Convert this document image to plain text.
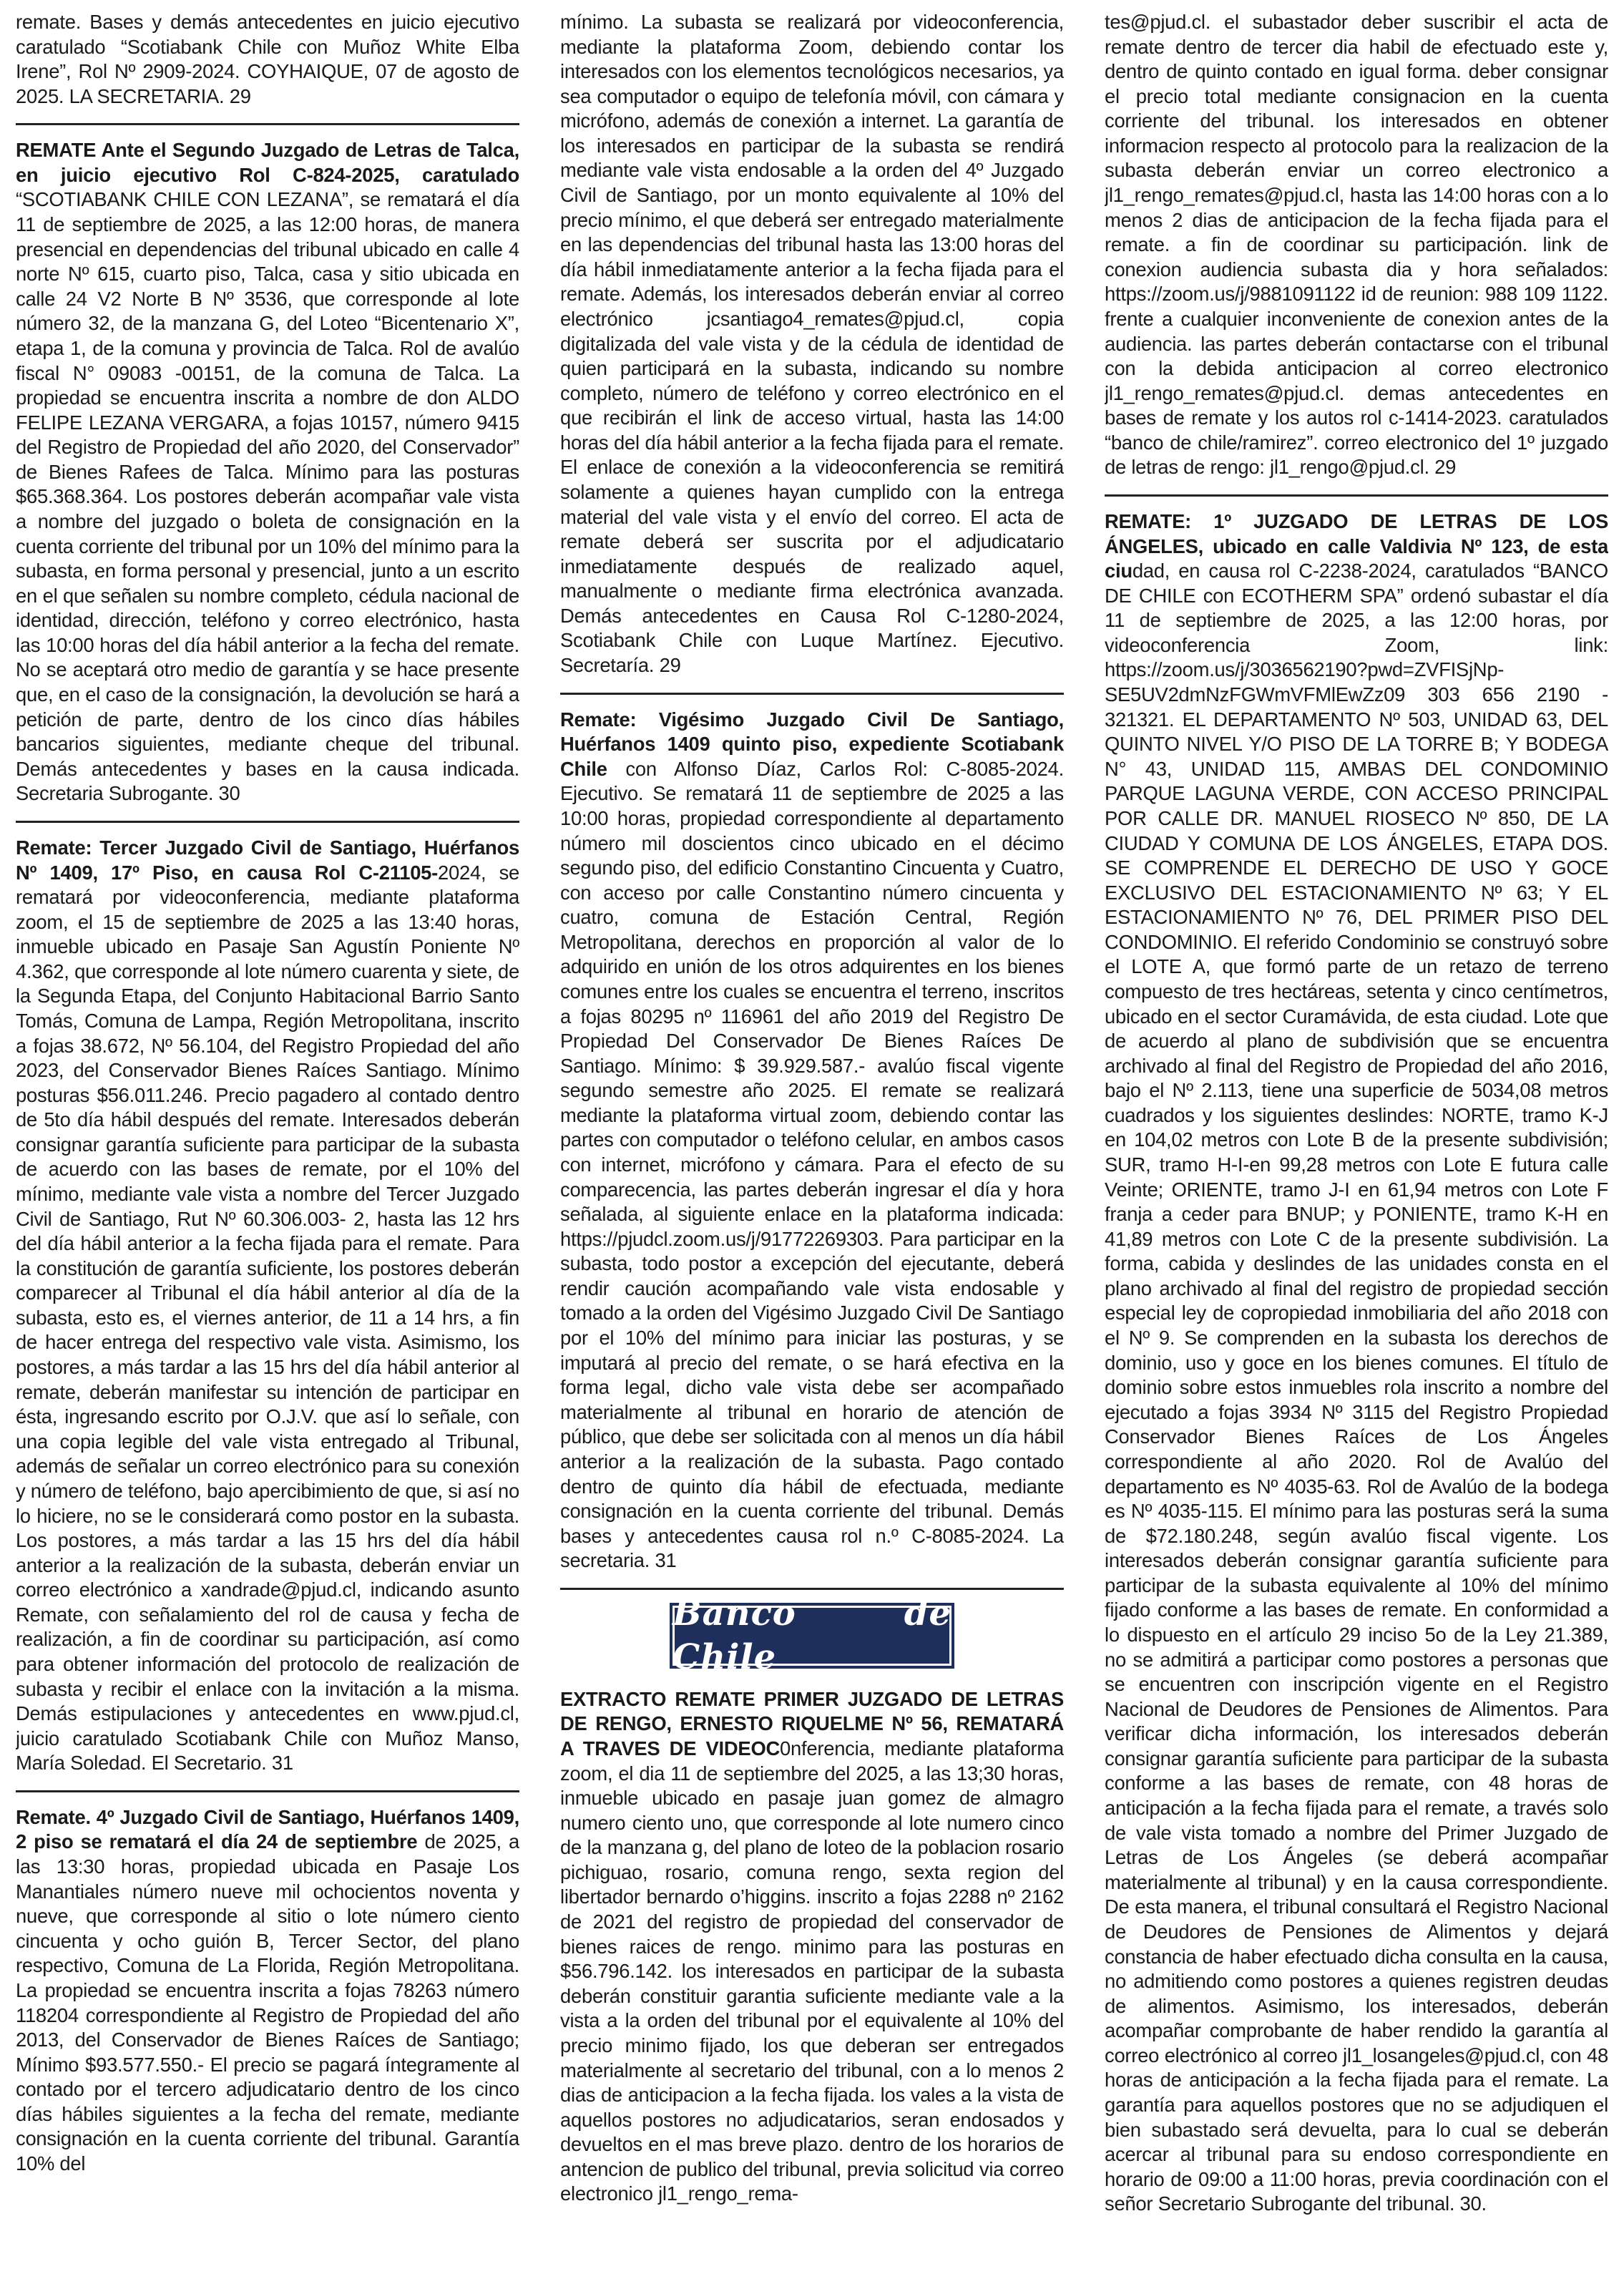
remate. Bases y demás antecedentes en juicio ejecutivo caratulado “Scotiabank Chile con Muñoz White Elba Irene”, Rol Nº 2909-2024. COYHAIQUE, 07 de agosto de 2025. LA SECRETARIA. 29

REMATE Ante el Segundo Juzgado de Letras de Talca, en juicio ejecutivo Rol C-824-2025, caratulado “SCOTIABANK CHILE CON LEZANA”, se rematará el día 11 de septiembre de 2025, a las 12:00 horas, de manera presencial en dependencias del tribunal ubicado en calle 4 norte Nº 615, cuarto piso, Talca, casa y sitio ubicada en calle 24 V2 Norte B Nº 3536, que corresponde al lote número 32, de la manzana G, del Loteo “Bicentenario X”, etapa 1, de la comuna y provincia de Talca. Rol de avalúo fiscal N° 09083 -00151, de la comuna de Talca. La propiedad se encuentra inscrita a nombre de don ALDO FELIPE LEZANA VERGARA, a fojas 10157, número 9415 del Registro de Propiedad del año 2020, del Conservador” de Bienes Rafees de Talca. Mínimo para las posturas $65.368.364. Los postores deberán acompañar vale vista a nombre del juzgado o boleta de consignación en la cuenta corriente del tribunal por un 10% del mínimo para la subasta, en forma personal y presencial, junto a un escrito en el que señalen su nombre completo, cédula nacional de identidad, dirección, teléfono y correo electrónico, hasta las 10:00 horas del día hábil anterior a la fecha del remate. No se aceptará otro medio de garantía y se hace presente que, en el caso de la consignación, la devolución se hará a petición de parte, dentro de los cinco días hábiles bancarios siguientes, mediante cheque del tribunal. Demás antecedentes y bases en la causa indicada. Secretaria Subrogante. 30

Remate: Tercer Juzgado Civil de Santiago, Huérfanos Nº 1409, 17º Piso, en causa Rol C-21105-2024, se rematará por videoconferencia, mediante plataforma zoom, el 15 de septiembre de 2025 a las 13:40 horas, inmueble ubicado en Pasaje San Agustín Poniente Nº 4.362, que corresponde al lote número cuarenta y siete, de la Segunda Etapa, del Conjunto Habitacional Barrio Santo Tomás, Comuna de Lampa, Región Metropolitana, inscrito a fojas 38.672, Nº 56.104, del Registro Propiedad del año 2023, del Conservador Bienes Raíces Santiago. Mínimo posturas $56.011.246. Precio pagadero al contado dentro de 5to día hábil después del remate. Interesados deberán consignar garantía suficiente para participar de la subasta de acuerdo con las bases de remate, por el 10% del mínimo, mediante vale vista a nombre del Tercer Juzgado Civil de Santiago, Rut Nº 60.306.003- 2, hasta las 12 hrs del día hábil anterior a la fecha fijada para el remate. Para la constitución de garantía suficiente, los postores deberán comparecer al Tribunal el día hábil anterior al día de la subasta, esto es, el viernes anterior, de 11 a 14 hrs, a fin de hacer entrega del respectivo vale vista. Asimismo, los postores, a más tardar a las 15 hrs del día hábil anterior al remate, deberán manifestar su intención de participar en ésta, ingresando escrito por O.J.V. que así lo señale, con una copia legible del vale vista entregado al Tribunal, además de señalar un correo electrónico para su conexión y número de teléfono, bajo apercibimiento de que, si así no lo hiciere, no se le considerará como postor en la subasta. Los postores, a más tardar a las 15 hrs del día hábil anterior a la realización de la subasta, deberán enviar un correo electrónico a xandrade@pjud.cl, indicando asunto Remate, con señalamiento del rol de causa y fecha de realización, a fin de coordinar su participación, así como para obtener información del protocolo de realización de subasta y recibir el enlace con la invitación a la misma. Demás estipulaciones y antecedentes en www.pjud.cl, juicio caratulado Scotiabank Chile con Muñoz Manso, María Soledad. El Secretario. 31

Remate. 4º Juzgado Civil de Santiago, Huérfanos 1409, 2 piso se rematará el día 24 de septiembre de 2025, a las 13:30 horas, propiedad ubicada en Pasaje Los Manantiales número nueve mil ochocientos noventa y nueve, que corresponde al sitio o lote número ciento cincuenta y ocho guión B, Tercer Sector, del plano respectivo, Comuna de La Florida, Región Metropolitana. La propiedad se encuentra inscrita a fojas 78263 número 118204 correspondiente al Registro de Propiedad del año 2013, del Conservador de Bienes Raíces de Santiago; Mínimo $93.577.550.- El precio se pagará íntegramente al contado por el tercero adjudicatario dentro de los cinco días hábiles siguientes a la fecha del remate, mediante consignación en la cuenta corriente del tribunal. Garantía 10% del

mínimo. La subasta se realizará por videoconferencia, mediante la plataforma Zoom, debiendo contar los interesados con los elementos tecnológicos necesarios, ya sea computador o equipo de telefonía móvil, con cámara y micrófono, además de conexión a internet. La garantía de los interesados en participar de la subasta se rendirá mediante vale vista endosable a la orden del 4º Juzgado Civil de Santiago, por un monto equivalente al 10% del precio mínimo, el que deberá ser entregado materialmente en las dependencias del tribunal hasta las 13:00 horas del día hábil inmediatamente anterior a la fecha fijada para el remate. Además, los interesados deberán enviar al correo electrónico jcsantiago4_remates@pjud.cl, copia digitalizada del vale vista y de la cédula de identidad de quien participará en la subasta, indicando su nombre completo, número de teléfono y correo electrónico en el que recibirán el link de acceso virtual, hasta las 14:00 horas del día hábil anterior a la fecha fijada para el remate. El enlace de conexión a la videoconferencia se remitirá solamente a quienes hayan cumplido con la entrega material del vale vista y el envío del correo. El acta de remate deberá ser suscrita por el adjudicatario inmediatamente después de realizado aquel, manualmente o mediante firma electrónica avanzada. Demás antecedentes en Causa Rol C-1280-2024, Scotiabank Chile con Luque Martínez. Ejecutivo. Secretaría. 29

Remate: Vigésimo Juzgado Civil De Santiago, Huérfanos 1409 quinto piso, expediente Scotiabank Chile con Alfonso Díaz, Carlos Rol: C-8085-2024. Ejecutivo. Se rematará 11 de septiembre de 2025 a las 10:00 horas, propiedad correspondiente al departamento número mil doscientos cinco ubicado en el décimo segundo piso, del edificio Constantino Cincuenta y Cuatro, con acceso por calle Constantino número cincuenta y cuatro, comuna de Estación Central, Región Metropolitana, derechos en proporción al valor de lo adquirido en unión de los otros adquirentes en los bienes comunes entre los cuales se encuentra el terreno, inscritos a fojas 80295 nº 116961 del año 2019 del Registro De Propiedad Del Conservador De Bienes Raíces De Santiago. Mínimo: $ 39.929.587.- avalúo fiscal vigente segundo semestre año 2025. El remate se realizará mediante la plataforma virtual zoom, debiendo contar las partes con computador o teléfono celular, en ambos casos con internet, micrófono y cámara. Para el efecto de su comparecencia, las partes deberán ingresar el día y hora señalada, al siguiente enlace en la plataforma indicada: https://pjudcl.zoom.us/j/91772269303. Para participar en la subasta, todo postor a excepción del ejecutante, deberá rendir caución acompañando vale vista endosable y tomado a la orden del Vigésimo Juzgado Civil De Santiago por el 10% del mínimo para iniciar las posturas, y se imputará al precio del remate, o se hará efectiva en la forma legal, dicho vale vista debe ser acompañado materialmente al tribunal en horario de atención de público, que debe ser solicitada con al menos un día hábil anterior a la realización de la subasta. Pago contado dentro de quinto día hábil de efectuada, mediante consignación en la cuenta corriente del tribunal. Demás bases y antecedentes causa rol n.º C-8085-2024. La secretaria. 31

Banco de Chile

EXTRACTO REMATE PRIMER JUZGADO DE LETRAS DE RENGO, ERNESTO RIQUELME Nº 56, REMATARÁ A TRAVES DE VIDEOC0nferencia, mediante plataforma zoom, el dia 11 de septiembre del 2025, a las 13;30 horas, inmueble ubicado en pasaje juan gomez de almagro numero ciento uno, que corresponde al lote numero cinco de la manzana g, del plano de loteo de la poblacion rosario pichiguao, rosario, comuna rengo, sexta region del libertador bernardo o’higgins. inscrito a fojas 2288 nº 2162 de 2021 del registro de propiedad del conservador de bienes raices de rengo. minimo para las posturas en $56.796.142. los interesados en participar de la subasta deberán constituir garantia suficiente mediante vale a la vista a la orden del tribunal por el equivalente al 10% del precio minimo fijado, los que deberan ser entregados materialmente al secretario del tribunal, con a lo menos 2 dias de anticipacion a la fecha fijada. los vales a la vista de aquellos postores no adjudicatarios, seran endosados y devueltos en el mas breve plazo. dentro de los horarios de antencion de publico del tribunal, previa solicitud via correo electronico jl1_rengo_rema-

tes@pjud.cl. el subastador deber suscribir el acta de remate dentro de tercer dia habil de efectuado este y, dentro de quinto contado en igual forma. deber consignar el precio total mediante consignacion en la cuenta corriente del tribunal. los interesados en obtener informacion respecto al protocolo para la realizacion de la subasta deberán enviar un correo electronico a jl1_rengo_remates@pjud.cl, hasta las 14:00 horas con a lo menos 2 dias de anticipacion de la fecha fijada para el remate. a fin de coordinar su participación. link de conexion audiencia subasta dia y hora señalados: https://zoom.us/j/9881091122 id de reunion: 988 109 1122. frente a cualquier inconveniente de conexion antes de la audiencia. las partes deberán contactarse con el tribunal con la debida anticipacion al correo electronico jl1_rengo_remates@pjud.cl. demas antecedentes en bases de remate y los autos rol c-1414-2023. caratulados “banco de chile/ramirez”. correo electronico del 1º juzgado de letras de rengo: jl1_rengo@pjud.cl. 29

REMATE: 1º JUZGADO DE LETRAS DE LOS ÁNGELES, ubicado en calle Valdivia Nº 123, de esta ciudad, en causa rol C-2238-2024, caratulados “BANCO DE CHILE con ECOTHERM SPA” ordenó subastar el día 11 de septiembre de 2025, a las 12:00 horas, por videoconferencia Zoom, link: https://zoom.us/j/3036562190?pwd=ZVFISjNp-SE5UV2dmNzFGWmVFMlEwZz09 303 656 2190 - 321321. EL DEPARTAMENTO Nº 503, UNIDAD 63, DEL QUINTO NIVEL Y/O PISO DE LA TORRE B; Y BODEGA N° 43, UNIDAD 115, AMBAS DEL CONDOMINIO PARQUE LAGUNA VERDE, CON ACCESO PRINCIPAL POR CALLE DR. MANUEL RIOSECO Nº 850, DE LA CIUDAD Y COMUNA DE LOS ÁNGELES, ETAPA DOS. SE COMPRENDE EL DERECHO DE USO Y GOCE EXCLUSIVO DEL ESTACIONAMIENTO Nº 63; Y EL ESTACIONAMIENTO Nº 76, DEL PRIMER PISO DEL CONDOMINIO. El referido Condominio se construyó sobre el LOTE A, que formó parte de un retazo de terreno compuesto de tres hectáreas, setenta y cinco centímetros, ubicado en el sector Curamávida, de esta ciudad. Lote que de acuerdo al plano de subdivisión que se encuentra archivado al final del Registro de Propiedad del año 2016, bajo el Nº 2.113, tiene una superficie de 5034,08 metros cuadrados y los siguientes deslindes: NORTE, tramo K-J en 104,02 metros con Lote B de la presente subdivisión; SUR, tramo H-I-en 99,28 metros con Lote E futura calle Veinte; ORIENTE, tramo J-I en 61,94 metros con Lote F franja a ceder para BNUP; y PONIENTE, tramo K-H en 41,89 metros con Lote C de la presente subdivisión. La forma, cabida y deslindes de las unidades consta en el plano archivado al final del registro de propiedad sección especial ley de copropiedad inmobiliaria del año 2018 con el Nº 9. Se comprenden en la subasta los derechos de dominio, uso y goce en los bienes comunes. El título de dominio sobre estos inmuebles rola inscrito a nombre del ejecutado a fojas 3934 Nº 3115 del Registro Propiedad Conservador Bienes Raíces de Los Ángeles correspondiente al año 2020. Rol de Avalúo del departamento es Nº 4035-63. Rol de Avalúo de la bodega es Nº 4035-115. El mínimo para las posturas será la suma de $72.180.248, según avalúo fiscal vigente. Los interesados deberán consignar garantía suficiente para participar de la subasta equivalente al 10% del mínimo fijado conforme a las bases de remate. En conformidad a lo dispuesto en el artículo 29 inciso 5o de la Ley 21.389, no se admitirá a participar como postores a personas que se encuentren con inscripción vigente en el Registro Nacional de Deudores de Pensiones de Alimentos. Para verificar dicha información, los interesados deberán consignar garantía suficiente para participar de la subasta conforme a las bases de remate, con 48 horas de anticipación a la fecha fijada para el remate, a través solo de vale vista tomado a nombre del Primer Juzgado de Letras de Los Ángeles (se deberá acompañar materialmente al tribunal) y en la causa correspondiente. De esta manera, el tribunal consultará el Registro Nacional de Deudores de Pensiones de Alimentos y dejará constancia de haber efectuado dicha consulta en la causa, no admitiendo como postores a quienes registren deudas de alimentos. Asimismo, los interesados, deberán acompañar comprobante de haber rendido la garantía al correo electrónico al correo jl1_losangeles@pjud.cl, con 48 horas de anticipación a la fecha fijada para el remate. La garantía para aquellos postores que no se adjudiquen el bien subastado será devuelta, para lo cual se deberán acercar al tribunal para su endoso correspondiente en horario de 09:00 a 11:00 horas, previa coordinación con el señor Secretario Subrogante del tribunal. 30.
